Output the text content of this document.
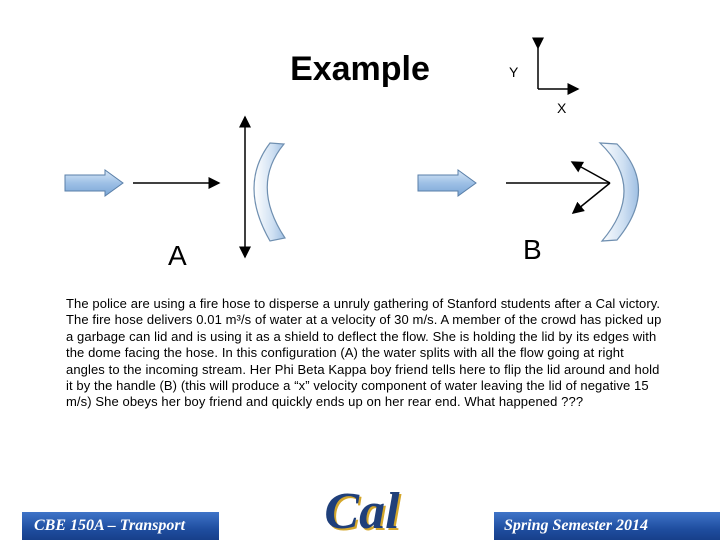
Example	Y
X
A	B
The police are using a fire hose to disperse a unruly gathering of Stanford students after a Cal victory. The fire hose delivers 0.01 m³/s of water at a velocity of 30 m/s. A member of the crowd has picked up a garbage can lid and is using it as a shield to deflect the flow. She is holding the lid by its edges with the dome facing the hose. In this configuration (A) the water splits with all the flow going at right angles to the incoming stream. Her Phi Beta Kappa boy friend tells here to flip the lid around and hold it by the handle (B) (this will produce a “x” velocity component of water leaving the lid of negative 15 m/s) She obeys her boy friend and quickly ends up on her rear end. What happened ???
CBE 150A – Transport	Spring Semester 2014
Cal
